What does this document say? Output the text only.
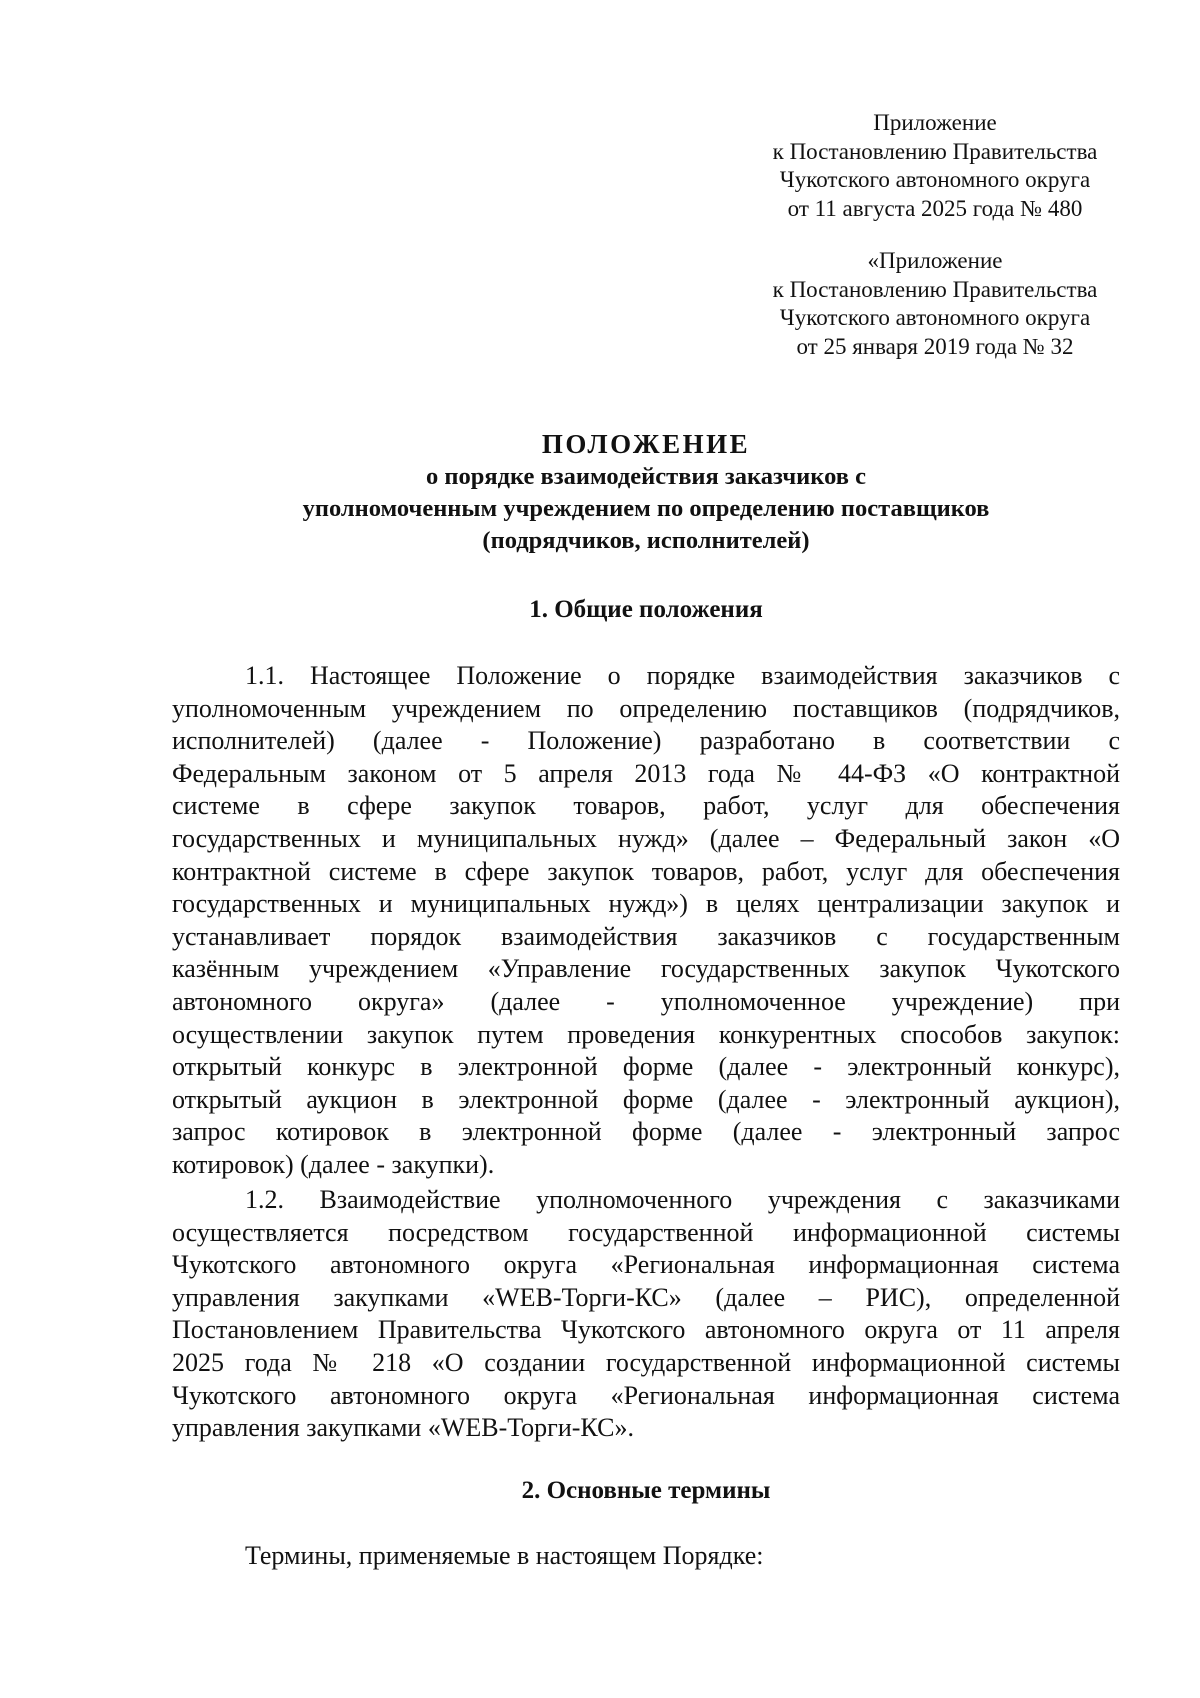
Приложение
к Постановлению Правительства
Чукотского автономного округа
от 11 августа 2025 года № 480
«Приложение
к Постановлению Правительства
Чукотского автономного округа
от 25 января 2019 года № 32
ПОЛОЖЕНИЕ
о порядке взаимодействия заказчиков с
уполномоченным учреждением по определению поставщиков
(подрядчиков, исполнителей)
1. Общие положения
1.1. Настоящее Положение о порядке взаимодействия заказчиков с
уполномоченным учреждением по определению поставщиков (подрядчиков,
исполнителей) (далее - Положение) разработано в соответствии с
Федеральным законом от 5 апреля 2013 года № 44-ФЗ «О контрактной
системе в сфере закупок товаров, работ, услуг для обеспечения
государственных и муниципальных нужд» (далее – Федеральный закон «О
контрактной системе в сфере закупок товаров, работ, услуг для обеспечения
государственных и муниципальных нужд») в целях централизации закупок и
устанавливает порядок взаимодействия заказчиков с государственным
казённым учреждением «Управление государственных закупок Чукотского
автономного округа» (далее - уполномоченное учреждение) при
осуществлении закупок путем проведения конкурентных способов закупок:
открытый конкурс в электронной форме (далее - электронный конкурс),
открытый аукцион в электронной форме (далее - электронный аукцион),
запрос котировок в электронной форме (далее - электронный запрос
котировок) (далее - закупки).
1.2. Взаимодействие уполномоченного учреждения с заказчиками
осуществляется посредством государственной информационной системы
Чукотского автономного округа «Региональная информационная система
управления закупками «WEB-Торги-КС» (далее – РИС), определенной
Постановлением Правительства Чукотского автономного округа от 11 апреля
2025 года № 218 «О создании государственной информационной системы
Чукотского автономного округа «Региональная информационная система
управления закупками «WEB-Торги-КС».
2. Основные термины
Термины, применяемые в настоящем Порядке:
